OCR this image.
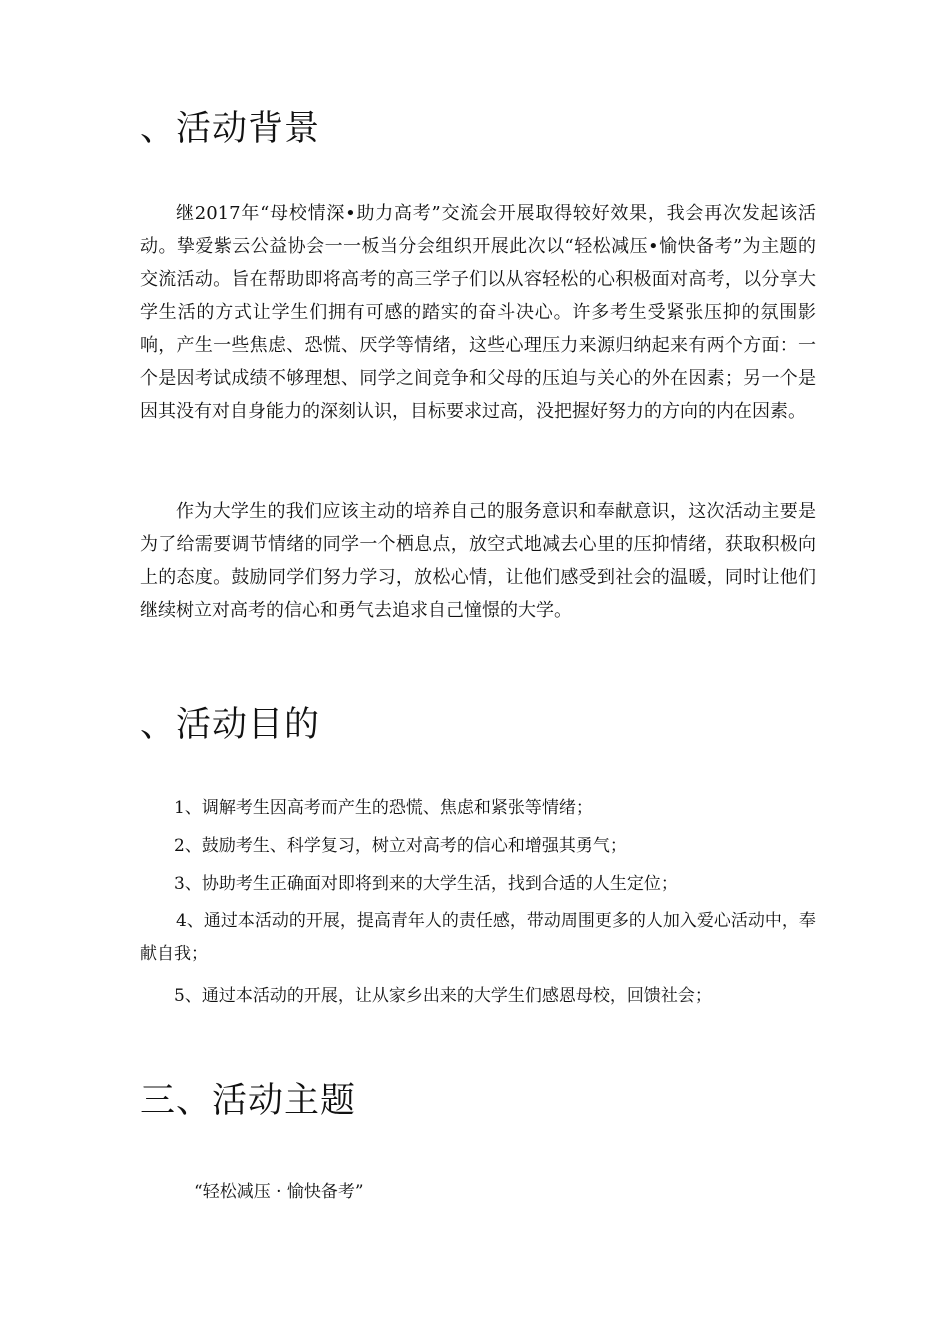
、活动背景

继2017年“母校情深•助力高考”交流会开展取得较好效果，我会再次发起该活动。挚爱紫云公益协会一一板当分会组织开展此次以“轻松减压•愉快备考”为主题的交流活动。旨在帮助即将高考的高三学子们以从容轻松的心积极面对高考，以分享大学生活的方式让学生们拥有可感的踏实的奋斗决心。许多考生受紧张压抑的氛围影响，产生一些焦虑、恐慌、厌学等情绪，这些心理压力来源归纳起来有两个方面：一个是因考试成绩不够理想、同学之间竞争和父母的压迫与关心的外在因素；另一个是因其没有对自身能力的深刻认识，目标要求过高，没把握好努力的方向的内在因素。

作为大学生的我们应该主动的培养自己的服务意识和奉献意识，这次活动主要是为了给需要调节情绪的同学一个栖息点，放空式地减去心里的压抑情绪，获取积极向上的态度。鼓励同学们努力学习，放松心情，让他们感受到社会的温暖，同时让他们继续树立对高考的信心和勇气去追求自己憧憬的大学。

、活动目的

1、调解考生因高考而产生的恐慌、焦虑和紧张等情绪；

2、鼓励考生、科学复习，树立对高考的信心和增强其勇气；

3、协助考生正确面对即将到来的大学生活，找到合适的人生定位；

4、通过本活动的开展，提高青年人的责任感，带动周围更多的人加入爱心活动中，奉献自我；

5、通过本活动的开展，让从家乡出来的大学生们感恩母校，回馈社会；

三、活动主题

“轻松减压 · 愉快备考”
